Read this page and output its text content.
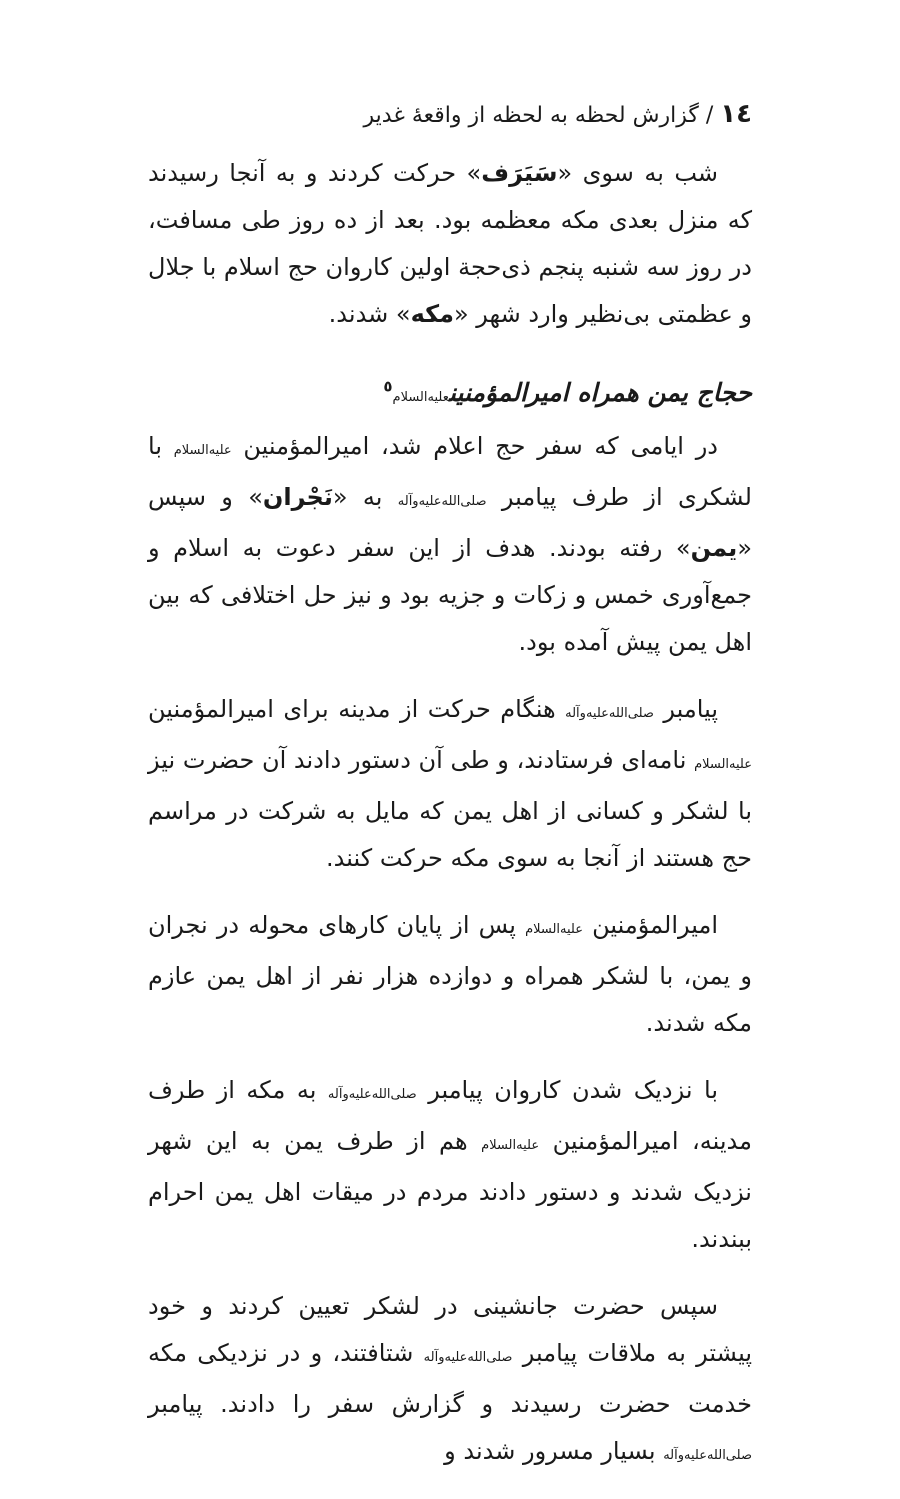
١٤ / گزارش لحظه به لحظه از واقعهٔ غدیر

شب به سوی «سَیَرَف» حرکت کردند و به آنجا رسیدند که منزل بعدی مکه معظمه بود. بعد از ده روز طی مسافت، در روز سه شنبه پنجم ذی‌حجة اولین کاروان حج اسلام با جلال و عظمتی بی‌نظیر وارد شهر «مکه» شدند.

حجاج یمن همراه امیرالمؤمنینعلیه‌السلام$^٥$

در ایامی که سفر حج اعلام شد، امیرالمؤمنین علیه‌السلام با لشکری از طرف پیامبر صلی‌الله‌علیه‌وآله به «نَجْران» و سپس «یمن» رفته بودند. هدف از این سفر دعوت به اسلام و جمع‌آوری خمس و زکات و جزیه بود و نیز حل اختلافی که بین اهل یمن پیش آمده بود.

پیامبر صلی‌الله‌علیه‌وآله هنگام حرکت از مدینه برای امیرالمؤمنین علیه‌السلام نامه‌ای فرستادند، و طی آن دستور دادند آن حضرت نیز با لشکر و کسانی از اهل یمن که مایل به شرکت در مراسم حج هستند از آنجا به سوی مکه حرکت کنند.

امیرالمؤمنین علیه‌السلام پس از پایان کارهای محوله در نجران و یمن، با لشکر همراه و دوازده هزار نفر از اهل یمن عازم مکه شدند.

با نزدیک شدن کاروان پیامبر صلی‌الله‌علیه‌وآله به مکه از طرف مدینه، امیرالمؤمنین علیه‌السلام هم از طرف یمن به این شهر نزدیک شدند و دستور دادند مردم در میقات اهل یمن احرام ببندند.

سپس حضرت جانشینی در لشکر تعیین کردند و خود پیشتر به ملاقات پیامبر صلی‌الله‌علیه‌وآله شتافتند، و در نزدیکی مکه خدمت حضرت رسیدند و گزارش سفر را دادند. پیامبر صلی‌الله‌علیه‌وآله بسیار مسرور شدند و
